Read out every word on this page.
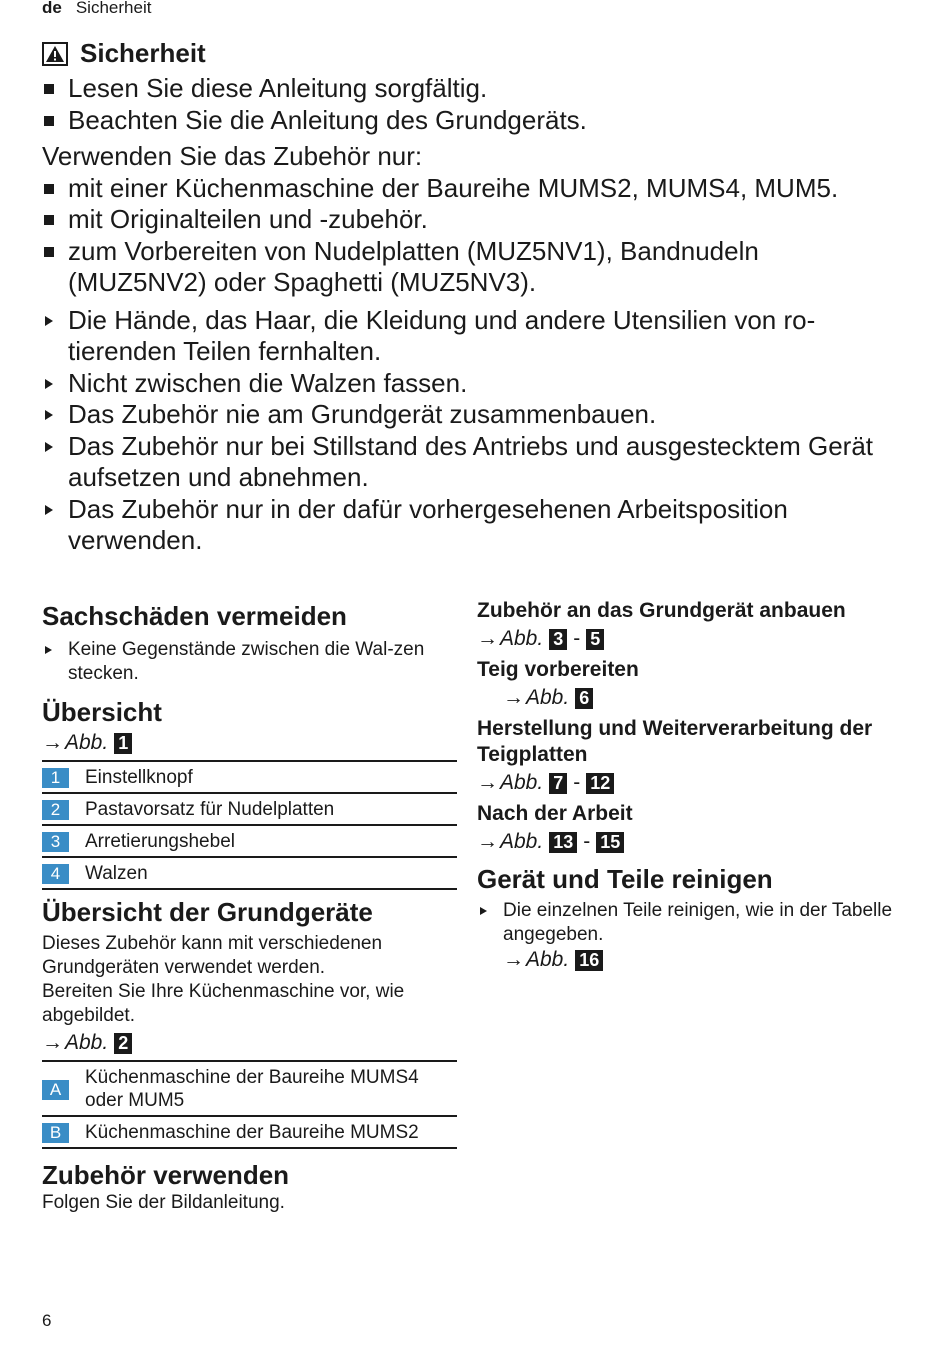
de Sicherheit
Sicherheit
Lesen Sie diese Anleitung sorgfältig.
Beachten Sie die Anleitung des Grundgeräts.
Verwenden Sie das Zubehör nur:
mit einer Küchenmaschine der Baureihe MUMS2, MUMS4, MUM5.
mit Originalteilen und -zubehör.
zum Vorbereiten von Nudelplatten (MUZ5NV1), Bandnudeln (MUZ5NV2) oder Spaghetti (MUZ5NV3).
Die Hände, das Haar, die Kleidung und andere Utensilien von ro-tierenden Teilen fernhalten.
Nicht zwischen die Walzen fassen.
Das Zubehör nie am Grundgerät zusammenbauen.
Das Zubehör nur bei Stillstand des Antriebs und ausgestecktem Gerät aufsetzen und abnehmen.
Das Zubehör nur in der dafür vorhergesehenen Arbeitsposition verwenden.
Sachschäden vermeiden
Keine Gegenstände zwischen die Wal-zen stecken.
Übersicht
→ Abb. 1
1	Einstellknopf
2	Pastavorsatz für Nudelplatten
3	Arretierungshebel
4	Walzen
Übersicht der Grundgeräte
Dieses Zubehör kann mit verschiedenen Grundgeräten verwendet werden.
Bereiten Sie Ihre Küchenmaschine vor, wie abgebildet.
→ Abb. 2
A	Küchenmaschine der Baureihe MUMS4 oder MUM5
B	Küchenmaschine der Baureihe MUMS2
Zubehör verwenden
Folgen Sie der Bildanleitung.
Zubehör an das Grundgerät anbauen
→ Abb. 3 - 5
Teig vorbereiten
→ Abb. 6
Herstellung und Weiterverarbeitung der Teigplatten
→ Abb. 7 - 12
Nach der Arbeit
→ Abb. 13 - 15
Gerät und Teile reinigen
Die einzelnen Teile reinigen, wie in der Tabelle angegeben.
→ Abb. 16
6
